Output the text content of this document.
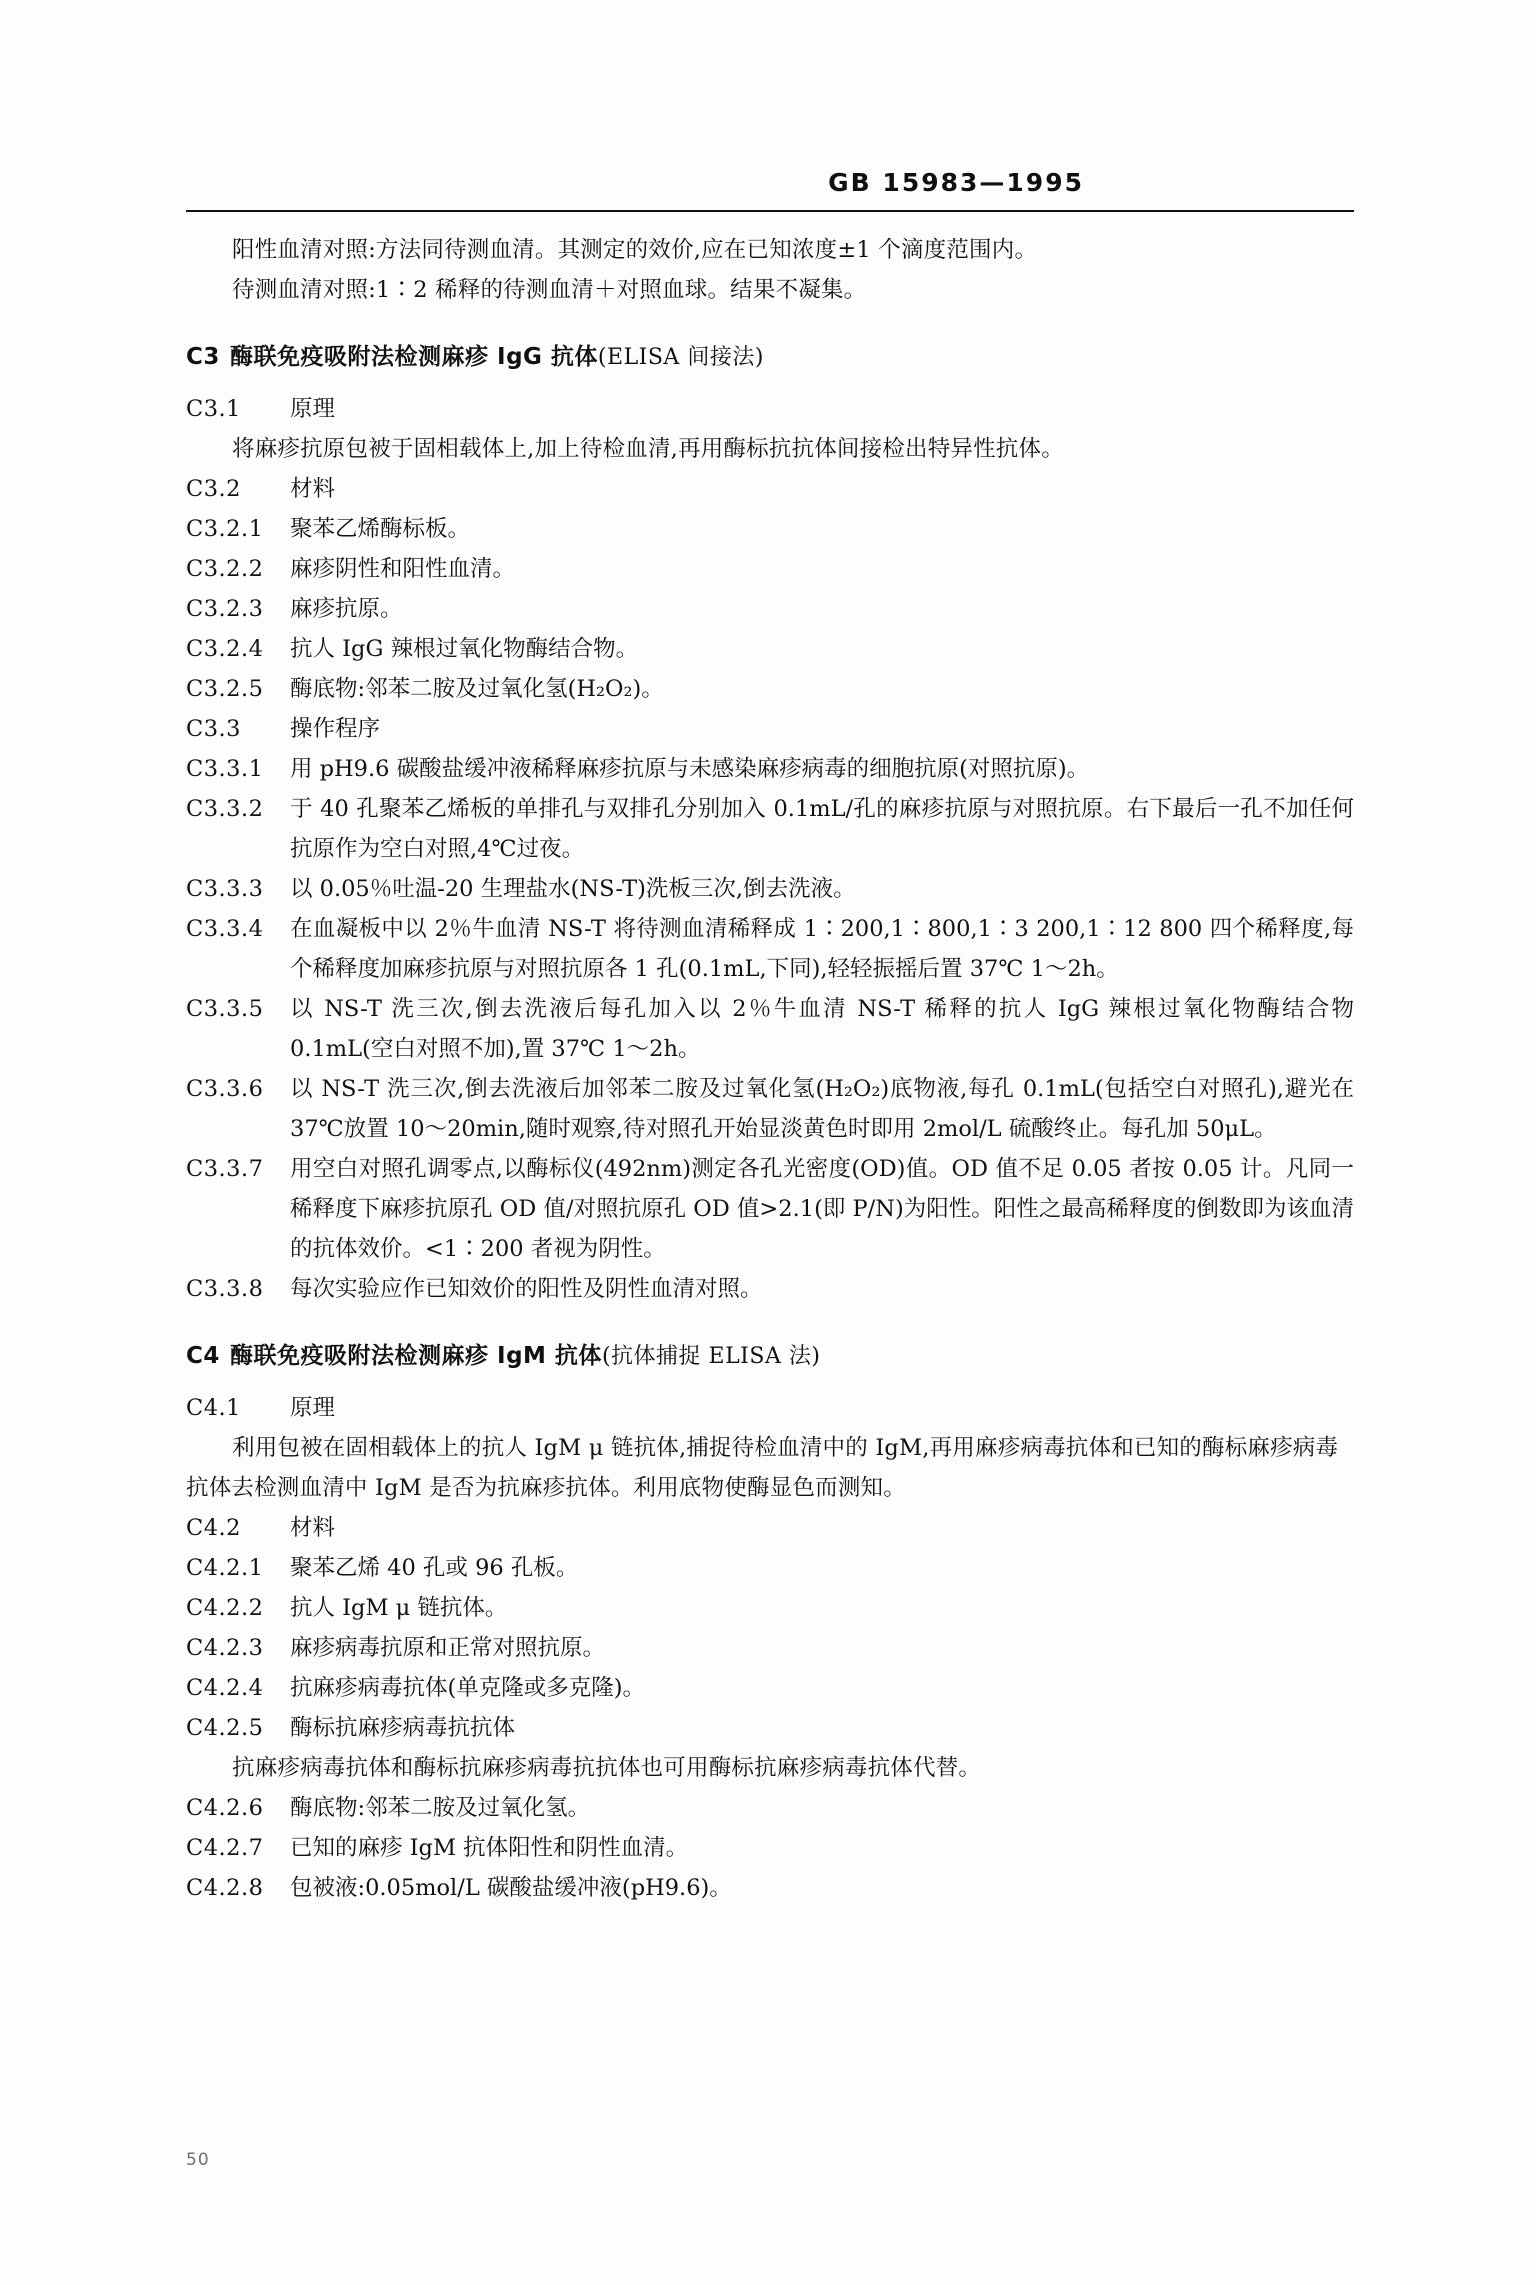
GB 15983—1995

阳性血清对照:方法同待测血清。其测定的效价,应在已知浓度±1 个滴度范围内。

待测血清对照:1∶2 稀释的待测血清＋对照血球。结果不凝集。

C3 酶联免疫吸附法检测麻疹 IgG 抗体(ELISA 间接法)
C3.1	原理

将麻疹抗原包被于固相载体上,加上待检血清,再用酶标抗抗体间接检出特异性抗体。

C3.2	材料
C3.2.1	聚苯乙烯酶标板。
C3.2.2	麻疹阴性和阳性血清。
C3.2.3	麻疹抗原。
C3.2.4	抗人 IgG 辣根过氧化物酶结合物。
C3.2.5	酶底物:邻苯二胺及过氧化氢(H₂O₂)。
C3.3	操作程序
C3.3.1	用 pH9.6 碳酸盐缓冲液稀释麻疹抗原与未感染麻疹病毒的细胞抗原(对照抗原)。
C3.3.2	于 40 孔聚苯乙烯板的单排孔与双排孔分别加入 0.1mL/孔的麻疹抗原与对照抗原。右下最后一孔不加任何抗原作为空白对照,4℃过夜。
C3.3.3	以 0.05％吐温-20 生理盐水(NS-T)洗板三次,倒去洗液。
C3.3.4	在血凝板中以 2％牛血清 NS-T 将待测血清稀释成 1∶200,1∶800,1∶3 200,1∶12 800 四个稀释度,每个稀释度加麻疹抗原与对照抗原各 1 孔(0.1mL,下同),轻轻振摇后置 37℃ 1～2h。
C3.3.5	以 NS-T 洗三次,倒去洗液后每孔加入以 2％牛血清 NS-T 稀释的抗人 IgG 辣根过氧化物酶结合物 0.1mL(空白对照不加),置 37℃ 1～2h。
C3.3.6	以 NS-T 洗三次,倒去洗液后加邻苯二胺及过氧化氢(H₂O₂)底物液,每孔 0.1mL(包括空白对照孔),避光在 37℃放置 10～20min,随时观察,待对照孔开始显淡黄色时即用 2mol/L 硫酸终止。每孔加 50μL。
C3.3.7	用空白对照孔调零点,以酶标仪(492nm)测定各孔光密度(OD)值。OD 值不足 0.05 者按 0.05 计。凡同一稀释度下麻疹抗原孔 OD 值/对照抗原孔 OD 值>2.1(即 P/N)为阳性。阳性之最高稀释度的倒数即为该血清的抗体效价。<1∶200 者视为阴性。
C3.3.8	每次实验应作已知效价的阳性及阴性血清对照。
C4 酶联免疫吸附法检测麻疹 IgM 抗体(抗体捕捉 ELISA 法)
C4.1	原理

利用包被在固相载体上的抗人 IgM μ 链抗体,捕捉待检血清中的 IgM,再用麻疹病毒抗体和已知的酶标麻疹病毒抗体去检测血清中 IgM 是否为抗麻疹抗体。利用底物使酶显色而测知。

C4.2	材料
C4.2.1	聚苯乙烯 40 孔或 96 孔板。
C4.2.2	抗人 IgM μ 链抗体。
C4.2.3	麻疹病毒抗原和正常对照抗原。
C4.2.4	抗麻疹病毒抗体(单克隆或多克隆)。
C4.2.5	酶标抗麻疹病毒抗抗体

抗麻疹病毒抗体和酶标抗麻疹病毒抗抗体也可用酶标抗麻疹病毒抗体代替。

C4.2.6	酶底物:邻苯二胺及过氧化氢。
C4.2.7	已知的麻疹 IgM 抗体阳性和阴性血清。
C4.2.8	包被液:0.05mol/L 碳酸盐缓冲液(pH9.6)。
50
